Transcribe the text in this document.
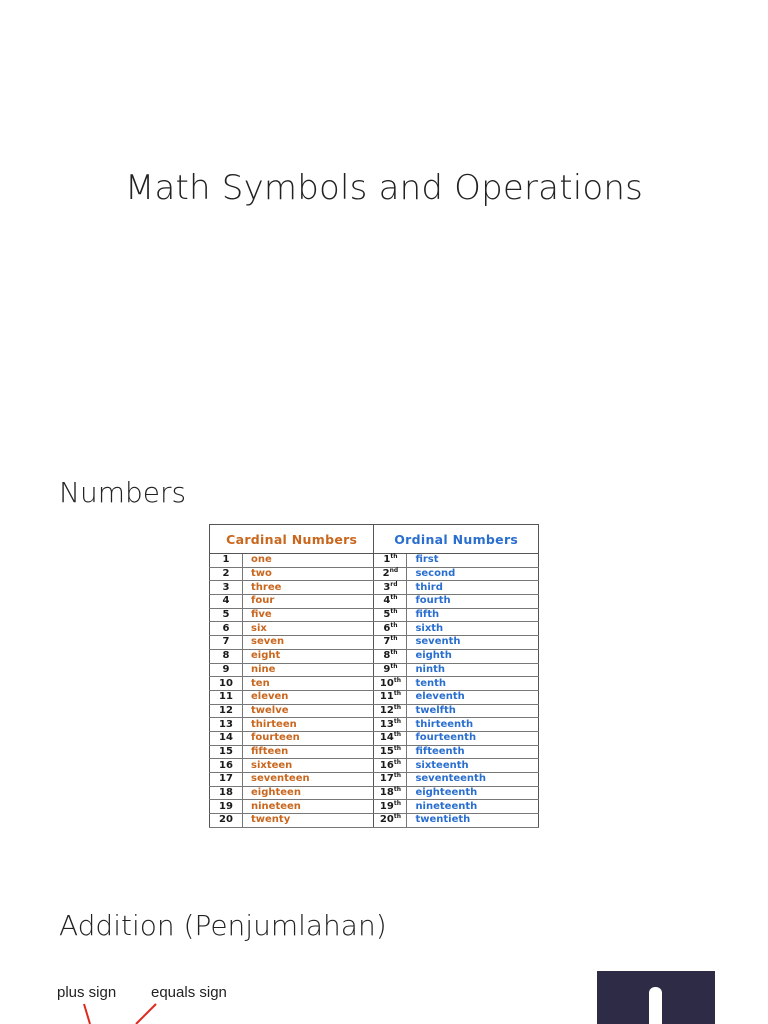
Math Symbols and Operations
Numbers
Cardinal Numbers		Ordinal Numbers	
1	one	1th	first
2	two	2nd	second
3	three	3rd	third
4	four	4th	fourth
5	five	5th	fifth
6	six	6th	sixth
7	seven	7th	seventh
8	eight	8th	eighth
9	nine	9th	ninth
10	ten	10th	tenth
11	eleven	11th	eleventh
12	twelve	12th	twelfth
13	thirteen	13th	thirteenth
14	fourteen	14th	fourteenth
15	fifteen	15th	fifteenth
16	sixteen	16th	sixteenth
17	seventeen	17th	seventeenth
18	eighteen	18th	eighteenth
19	nineteen	19th	nineteenth
20	twenty	20th	twentieth
Addition (Penjumlahan)
plus sign equals sign
